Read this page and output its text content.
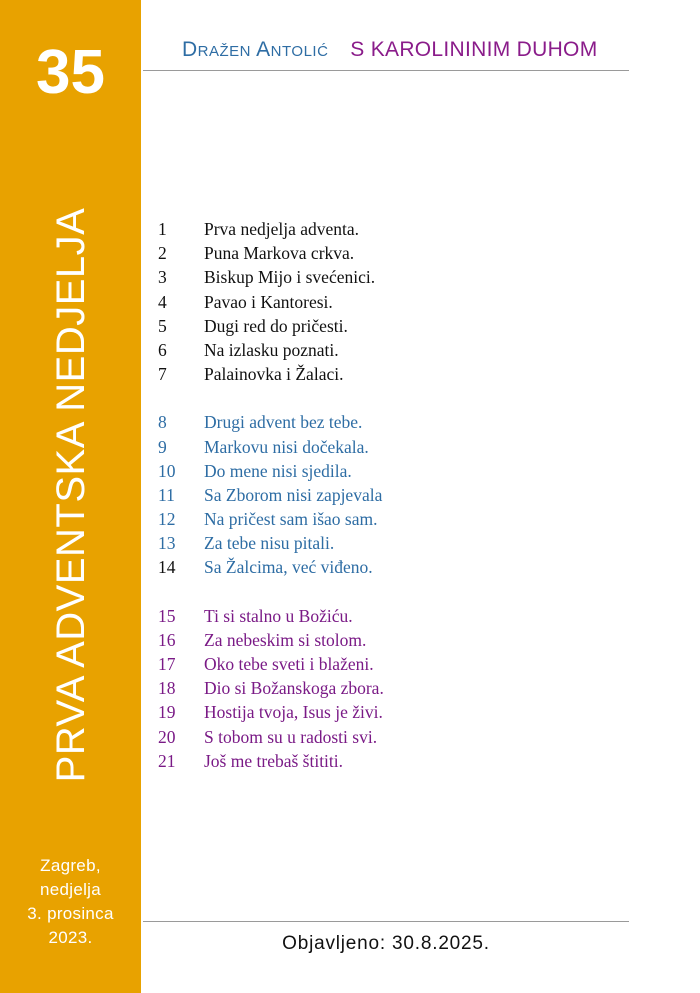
35
PRVA ADVENTSKA NEDJELJA
Zagreb,
nedjelja
3. prosinca
2023.
Dražen Antolić S KAROLININIM DUHOM
1 Prva nedjelja adventa.
2 Puna Markova crkva.
3 Biskup Mijo i svećenici.
4 Pavao i Kantoresi.
5 Dugi red do pričesti.
6 Na izlasku poznati.
7 Palainovka i Žalaci.
8 Drugi advent bez tebe.
9 Markovu nisi dočekala.
10 Do mene nisi sjedila.
11 Sa Zborom nisi zapjevala
12 Na pričest sam išao sam.
13 Za tebe nisu pitali.
14 Sa Žalcima, već viđeno.
15 Ti si stalno u Božiću.
16 Za nebeskim si stolom.
17 Oko tebe sveti i blaženi.
18 Dio si Božanskoga zbora.
19 Hostija tvoja, Isus je živi.
20 S tobom su u radosti svi.
21 Još me trebaš štititi.
Objavljeno: 30.8.2025.
